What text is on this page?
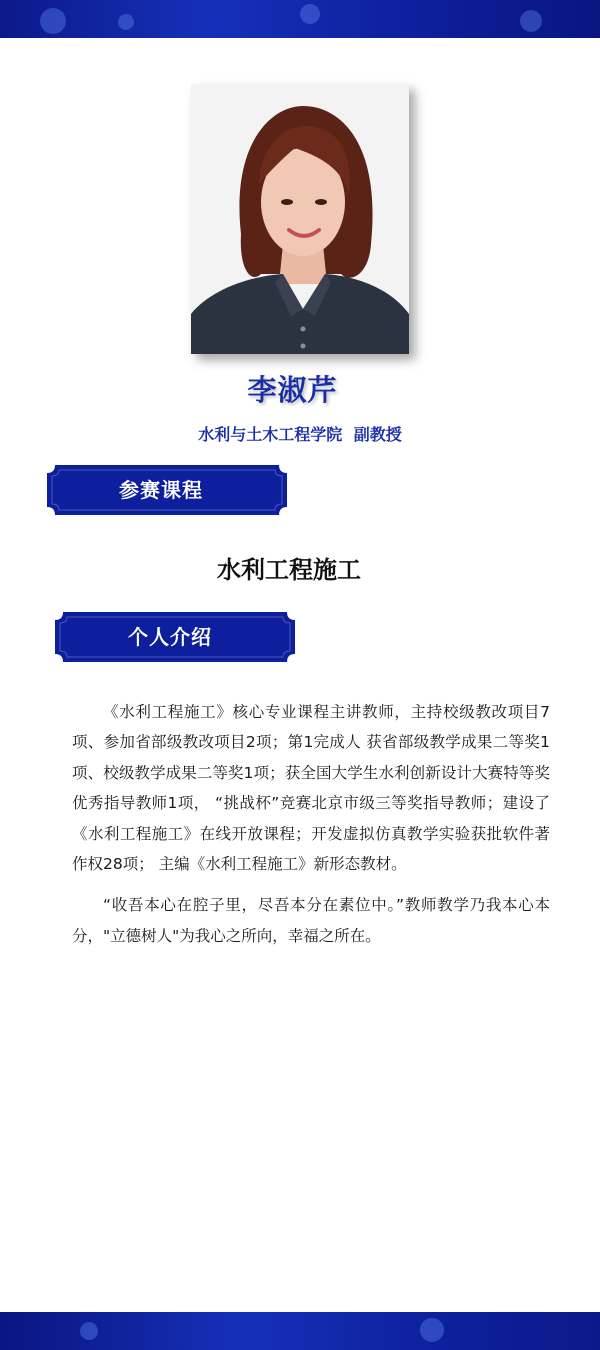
李淑芹
水利与土木工程学院 副教授
参赛课程
水利工程施工
个人介绍

《水利工程施工》核心专业课程主讲教师，主持校级教改项目7 项、参加省部级教改项目2项；第1完成人 获省部级教学成果二等奖1项、校级教学成果二等奖1项；获全国大学生水利创新设计大赛特等奖优秀指导教师1项， “挑战杯”竞赛北京市级三等奖指导教师；建设了《水利工程施工》在线开放课程；开发虚拟仿真教学实验获批软件著作权28项； 主编《水利工程施工》新形态教材。

“收吾本心在腔子里，尽吾本分在素位中。”教师教学乃我本心本分，"立德树人"为我心之所向，幸福之所在。
